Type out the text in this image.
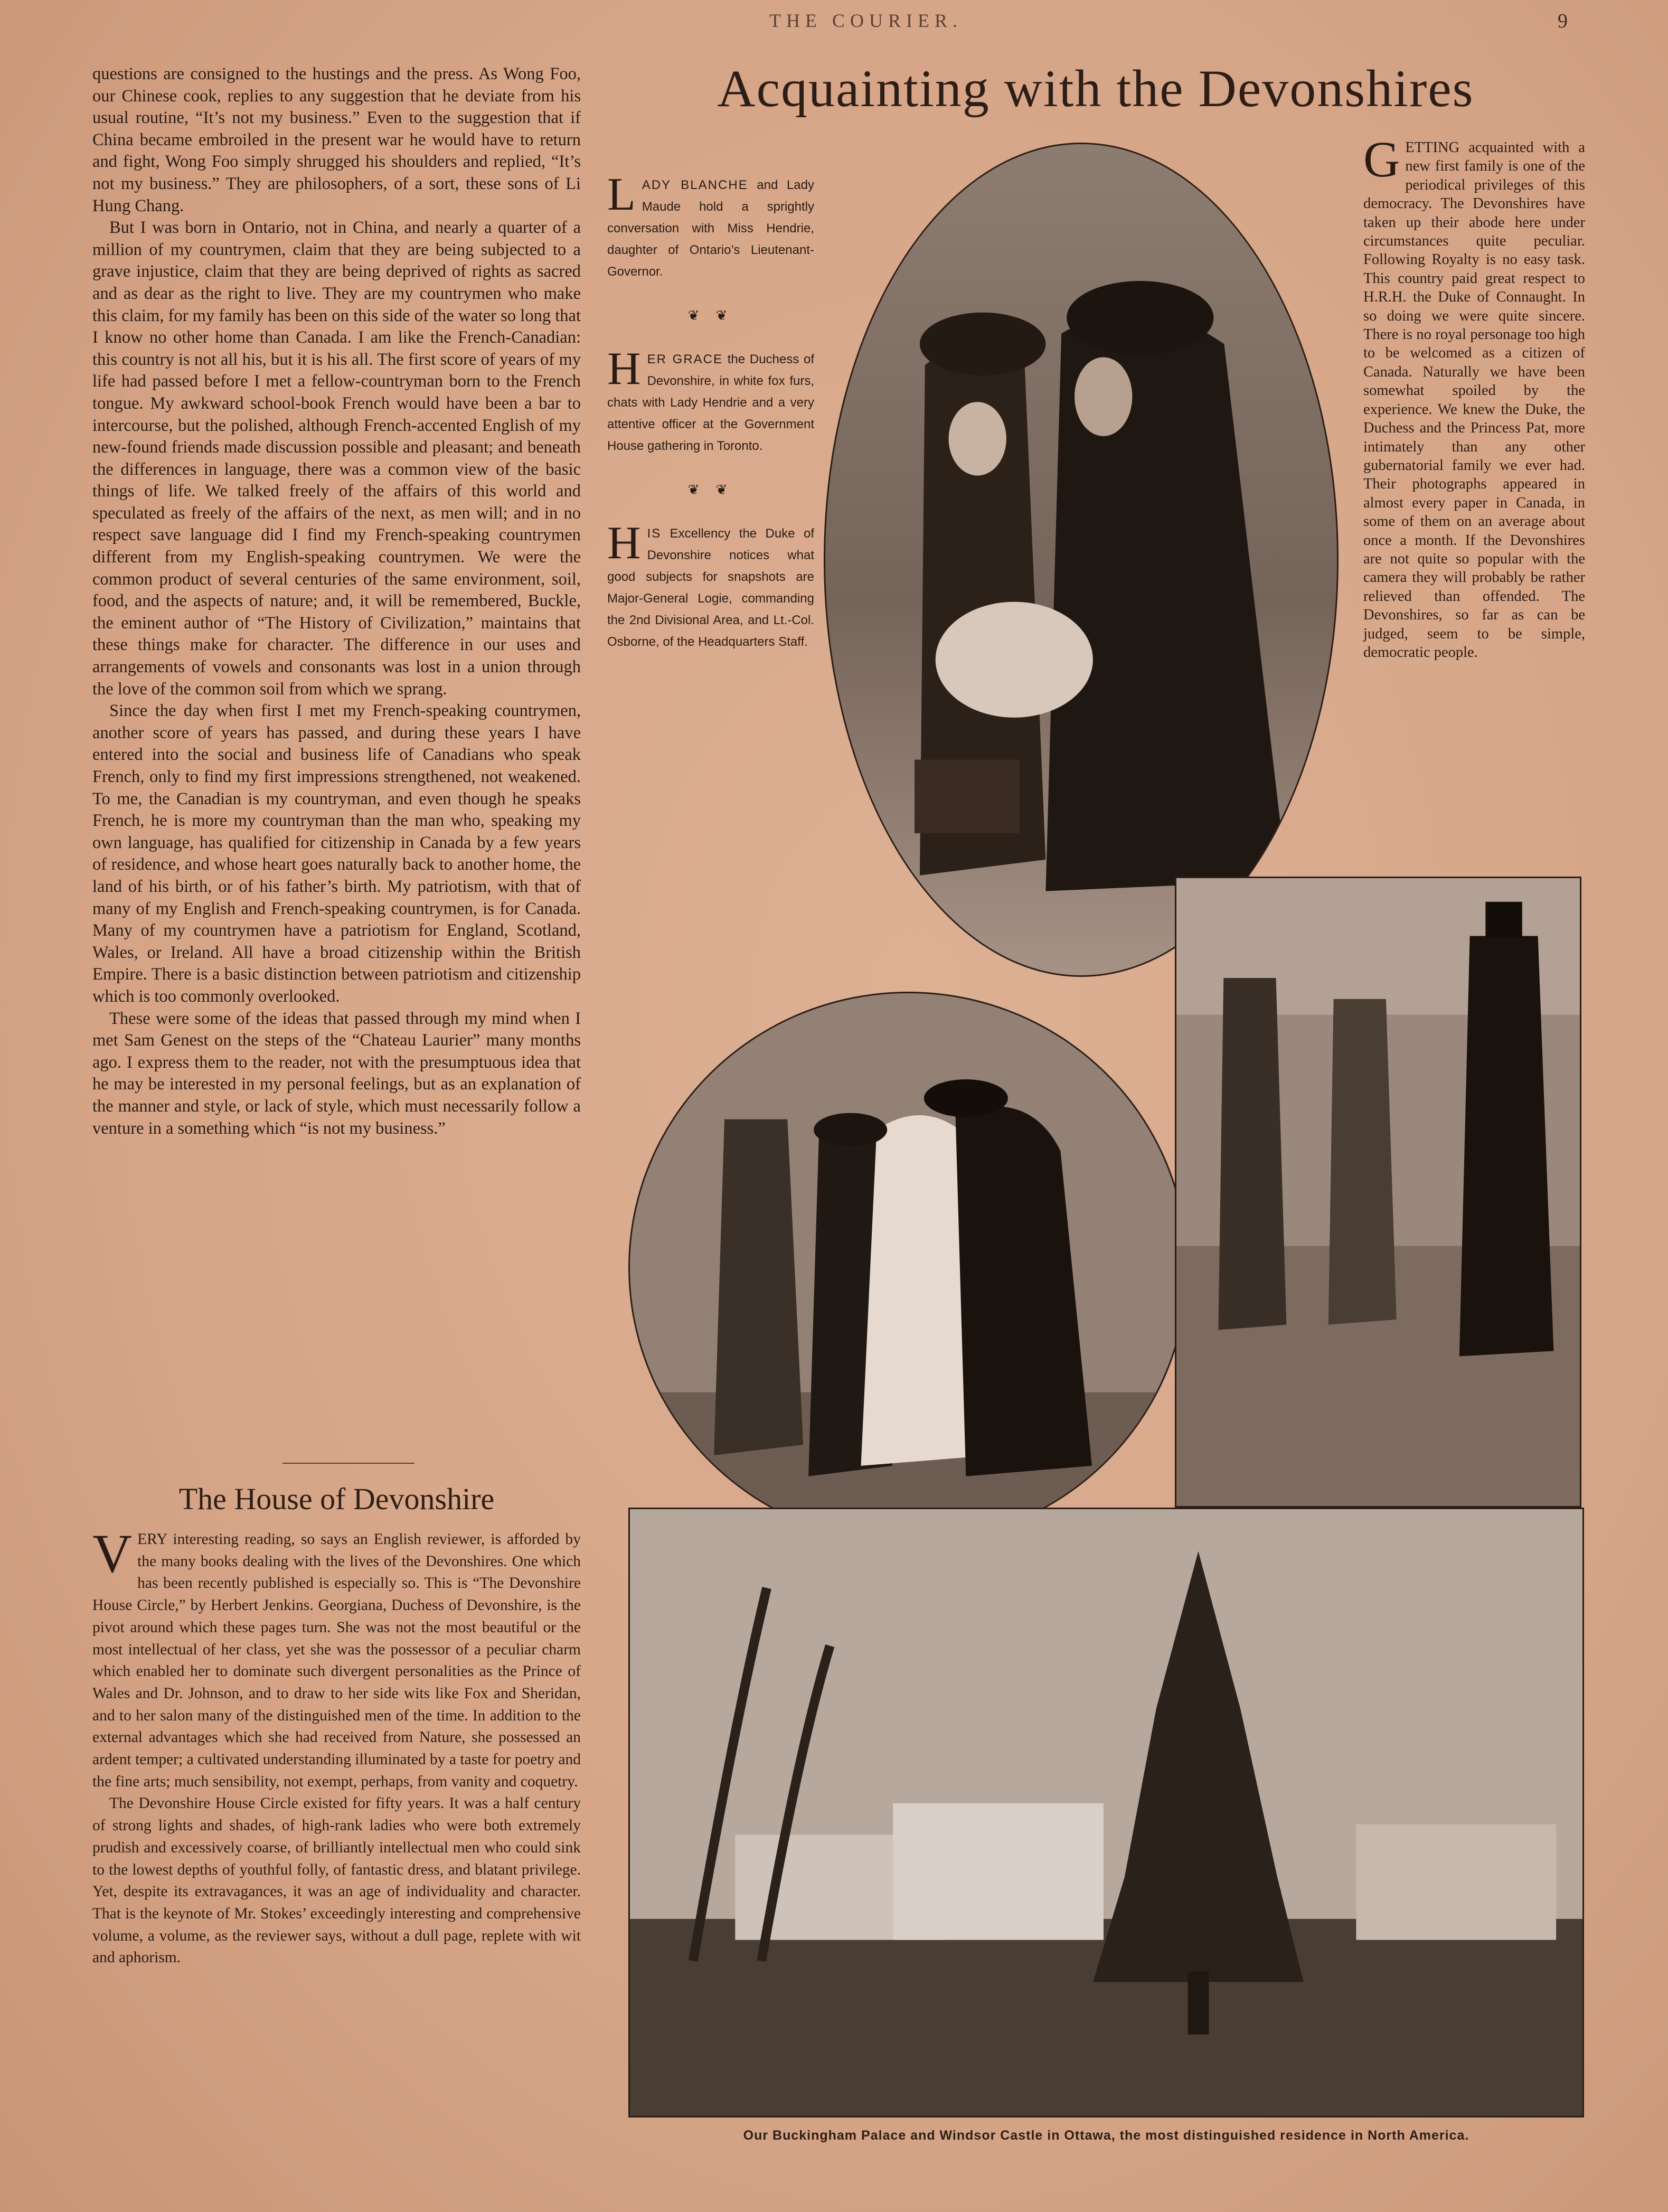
THE COURIER.	9
Acquainting with the Devonshires

questions are consigned to the hustings and the press. As Wong Foo, our Chinese cook, replies to any suggestion that he deviate from his usual routine, “It’s not my business.” Even to the suggestion that if China became embroiled in the present war he would have to return and fight, Wong Foo simply shrugged his shoulders and replied, “It’s not my business.” They are philosophers, of a sort, these sons of Li Hung Chang.

But I was born in Ontario, not in China, and nearly a quarter of a million of my countrymen, claim that they are being subjected to a grave injustice, claim that they are being deprived of rights as sacred and as dear as the right to live. They are my countrymen who make this claim, for my family has been on this side of the water so long that I know no other home than Canada. I am like the French-Canadian: this country is not all his, but it is his all. The first score of years of my life had passed before I met a fellow-countryman born to the French tongue. My awkward school-book French would have been a bar to intercourse, but the polished, although French-accented English of my new-found friends made discussion possible and pleasant; and beneath the differences in language, there was a common view of the basic things of life. We talked freely of the affairs of this world and speculated as freely of the affairs of the next, as men will; and in no respect save language did I find my French-speaking countrymen different from my English-speaking countrymen. We were the common product of several centuries of the same environment, soil, food, and the aspects of nature; and, it will be remembered, Buckle, the eminent author of “The History of Civilization,” maintains that these things make for character. The difference in our uses and arrangements of vowels and consonants was lost in a union through the love of the common soil from which we sprang.

Since the day when first I met my French-speaking countrymen, another score of years has passed, and during these years I have entered into the social and business life of Canadians who speak French, only to find my first impressions strengthened, not weakened. To me, the Canadian is my countryman, and even though he speaks French, he is more my countryman than the man who, speaking my own language, has qualified for citizenship in Canada by a few years of residence, and whose heart goes naturally back to another home, the land of his birth, or of his father’s birth. My patriotism, with that of many of my English and French-speaking countrymen, is for Canada. Many of my countrymen have a patriotism for England, Scotland, Wales, or Ireland. All have a broad citizenship within the British Empire. There is a basic distinction between patriotism and citizenship which is too commonly overlooked.

These were some of the ideas that passed through my mind when I met Sam Genest on the steps of the “Chateau Laurier” many months ago. I express them to the reader, not with the presumptuous idea that he may be interested in my personal feelings, but as an explanation of the manner and style, or lack of style, which must necessarily follow a venture in a something which “is not my business.”

The House of Devonshire

VERY interesting reading, so says an English reviewer, is afforded by the many books dealing with the lives of the Devonshires. One which has been recently published is especially so. This is “The Devonshire House Circle,” by Herbert Jenkins. Georgiana, Duchess of Devonshire, is the pivot around which these pages turn. She was not the most beautiful or the most intellectual of her class, yet she was the possessor of a peculiar charm which enabled her to dominate such divergent personalities as the Prince of Wales and Dr. Johnson, and to draw to her side wits like Fox and Sheridan, and to her salon many of the distinguished men of the time. In addition to the external advantages which she had received from Nature, she possessed an ardent temper; a cultivated understanding illuminated by a taste for poetry and the fine arts; much sensibility, not exempt, perhaps, from vanity and coquetry.

The Devonshire House Circle existed for fifty years. It was a half century of strong lights and shades, of high-rank ladies who were both extremely prudish and excessively coarse, of brilliantly intellectual men who could sink to the lowest depths of youthful folly, of fantastic dress, and blatant privilege. Yet, despite its extravagances, it was an age of individuality and character. That is the keynote of Mr. Stokes’ exceedingly interesting and comprehensive volume, a volume, as the reviewer says, without a dull page, replete with wit and aphorism.

LADY BLANCHE and Lady Maude hold a sprightly conversation with Miss Hendrie, daughter of Ontario’s Lieutenant-Governor.

❦ ❦

HER GRACE the Duchess of Devonshire, in white fox furs, chats with Lady Hendrie and a very attentive officer at the Government House gathering in Toronto.

❦ ❦

HIS Excellency the Duke of Devonshire notices what good subjects for snapshots are Major-General Logie, commanding the 2nd Divisional Area, and Lt.-Col. Osborne, of the Headquarters Staff.

GETTING acquainted with a new first family is one of the periodical privileges of this democracy. The Devonshires have taken up their abode here under circumstances quite peculiar. Following Royalty is no easy task. This country paid great respect to H.R.H. the Duke of Connaught. In so doing we were quite sincere. There is no royal personage too high to be welcomed as a citizen of Canada. Naturally we have been somewhat spoiled by the experience. We knew the Duke, the Duchess and the Princess Pat, more intimately than any other gubernatorial family we ever had. Their photographs appeared in almost every paper in Canada, in some of them on an average about once a month. If the Devonshires are not quite so popular with the camera they will probably be rather relieved than offended. The Devonshires, so far as can be judged, seem to be simple, democratic people.

Our Buckingham Palace and Windsor Castle in Ottawa, the most distinguished residence in North America.
